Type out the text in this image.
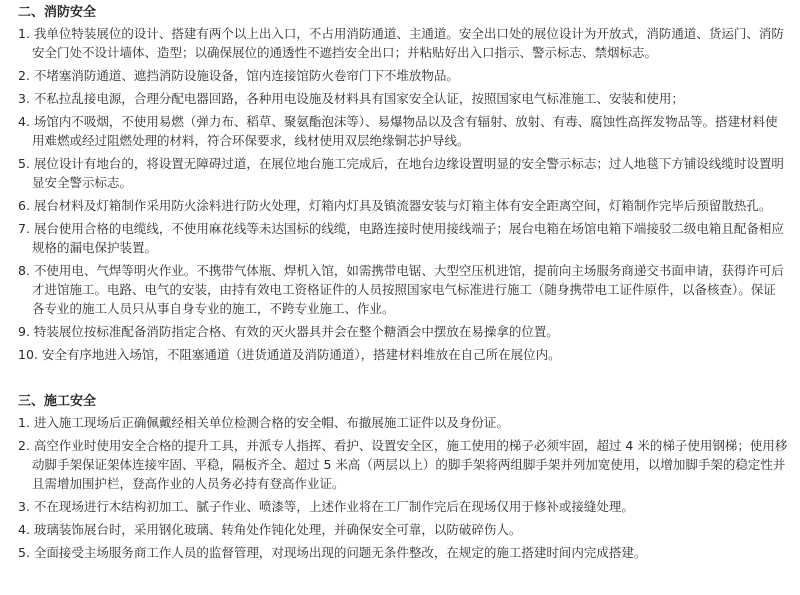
二、消防安全
1. 我单位特装展位的设计、搭建有两个以上出入口，不占用消防通道、主通道。安全出口处的展位设计为开放式，消防通道、货运门、消防安全门处不设计墙体、造型；以确保展位的通透性不遮挡安全出口；并粘贴好出入口指示、警示标志、禁烟标志。
2. 不堵塞消防通道、遮挡消防设施设备，馆内连接馆防火卷帘门下不堆放物品。
3. 不私拉乱接电源，合理分配电器回路，各种用电设施及材料具有国家安全认证，按照国家电气标准施工、安装和使用；
4. 场馆内不吸烟，不使用易燃（弹力布、稻草、聚氨酯泡沫等）、易爆物品以及含有辐射、放射、有毒、腐蚀性高挥发物品等。搭建材料使用难燃或经过阻燃处理的材料，符合环保要求，线材使用双层绝缘铜芯护导线。
5. 展位设计有地台的，将设置无障碍过道，在展位地台施工完成后，在地台边缘设置明显的安全警示标志；过人地毯下方铺设线缆时设置明显安全警示标志。
6. 展台材料及灯箱制作采用防火涂料进行防火处理，灯箱内灯具及镇流器安装与灯箱主体有安全距离空间，灯箱制作完毕后预留散热孔。
7. 展台使用合格的电缆线，不使用麻花线等未达国标的线缆，电路连接时使用接线端子；展台电箱在场馆电箱下端接驳二级电箱且配备相应规格的漏电保护装置。
8. 不使用电、气焊等明火作业。不携带气体瓶、焊机入馆，如需携带电锯、大型空压机进馆，提前向主场服务商递交书面申请，获得许可后才进馆施工。电路、电气的安装，由持有效电工资格证件的人员按照国家电气标准进行施工（随身携带电工证件原件，以备核查）。保证各专业的施工人员只从事自身专业的施工，不跨专业施工、作业。
9. 特装展位按标准配备消防指定合格、有效的灭火器具并会在整个糖酒会中摆放在易操拿的位置。
10. 安全有序地进入场馆，不阻塞通道（进货通道及消防通道），搭建材料堆放在自己所在展位内。
三、施工安全
1. 进入施工现场后正确佩戴经相关单位检测合格的安全帽、布撤展施工证件以及身份证。
2. 高空作业时使用安全合格的提升工具，并派专人指挥、看护、设置安全区，施工使用的梯子必须牢固，超过 4 米的梯子使用钢梯；使用移动脚手架保证架体连接牢固、平稳，隔板齐全、超过 5 米高（两层以上）的脚手架将两组脚手架并列加宽使用，以增加脚手架的稳定性并且需增加围护栏，登高作业的人员务必持有登高作业证。
3. 不在现场进行木结构初加工、腻子作业、喷漆等，上述作业将在工厂制作完后在现场仅用于修补或接缝处理。
4. 玻璃装饰展台时，采用钢化玻璃、转角处作钝化处理，并确保安全可靠，以防破碎伤人。
5. 全面接受主场服务商工作人员的监督管理，对现场出现的问题无条件整改，在规定的施工搭建时间内完成搭建。
